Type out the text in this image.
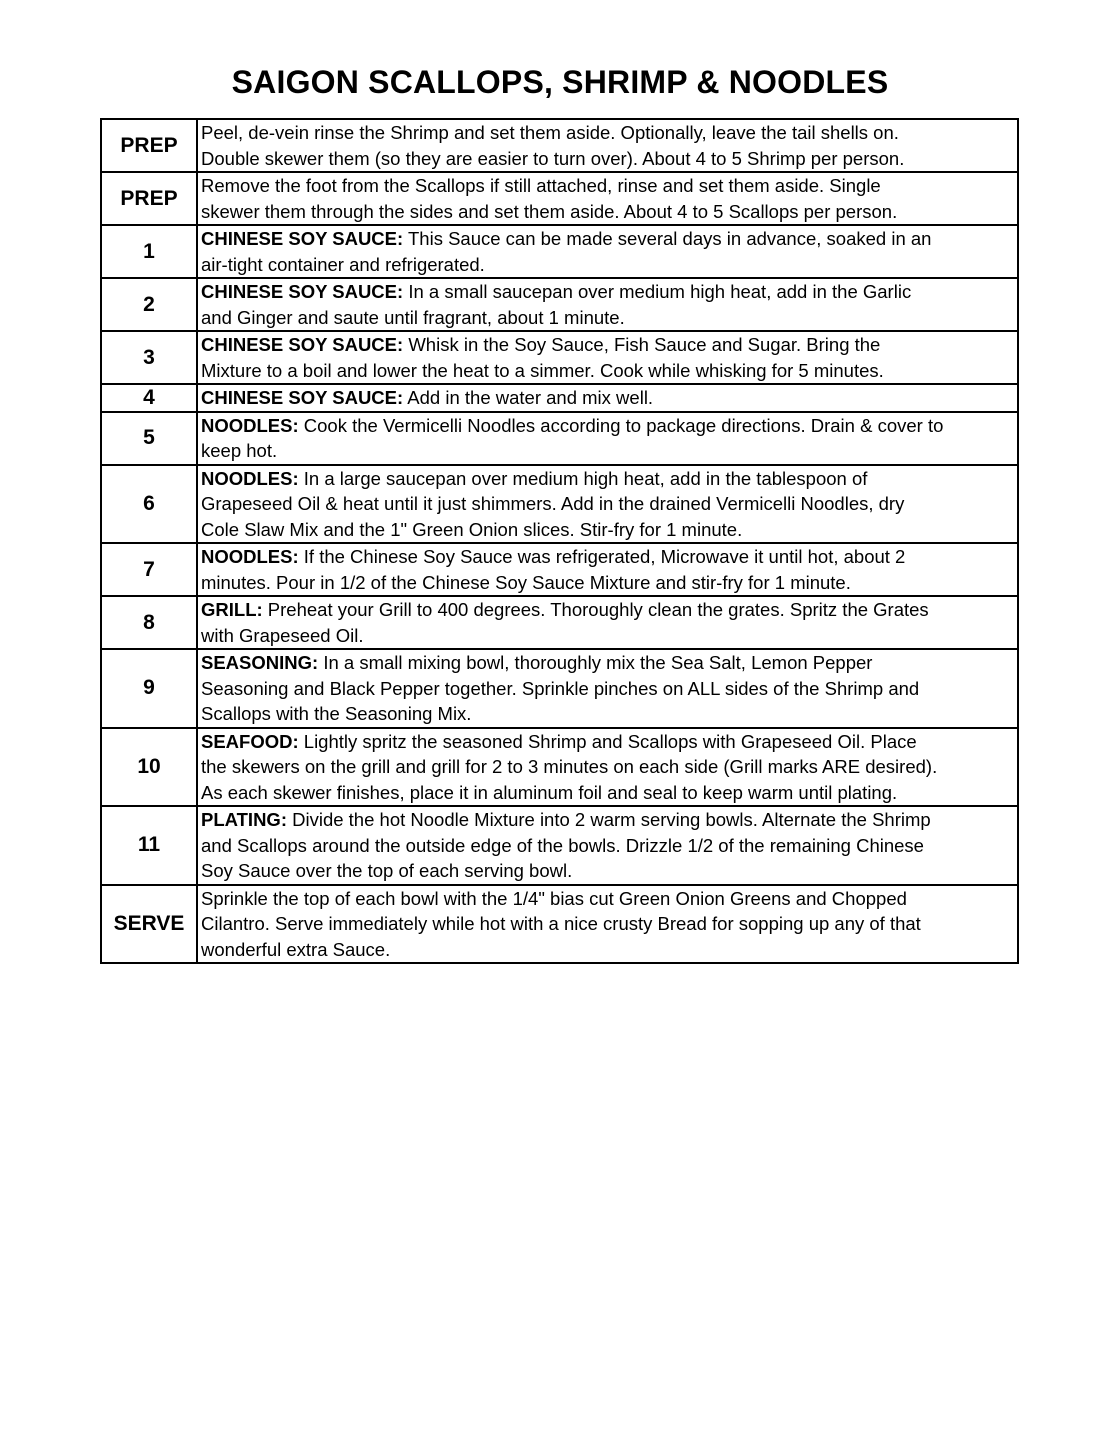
SAIGON SCALLOPS, SHRIMP & NOODLES
PREP	Peel, de-vein rinse the Shrimp and set them aside. Optionally, leave the tail shells on.
Double skewer them (so they are easier to turn over). About 4 to 5 Shrimp per person.

PREP	Remove the foot from the Scallops if still attached, rinse and set them aside. Single
skewer them through the sides and set them aside. About 4 to 5 Scallops per person.

1	CHINESE SOY SAUCE: This Sauce can be made several days in advance, soaked in an
air-tight container and refrigerated.

2	CHINESE SOY SAUCE: In a small saucepan over medium high heat, add in the Garlic
and Ginger and saute until fragrant, about 1 minute.

3	CHINESE SOY SAUCE: Whisk in the Soy Sauce, Fish Sauce and Sugar. Bring the
Mixture to a boil and lower the heat to a simmer. Cook while whisking for 5 minutes.

4	CHINESE SOY SAUCE: Add in the water and mix well.

5	NOODLES: Cook the Vermicelli Noodles according to package directions. Drain & cover to
keep hot.

6	NOODLES: In a large saucepan over medium high heat, add in the tablespoon of
Grapeseed Oil & heat until it just shimmers. Add in the drained Vermicelli Noodles, dry
Cole Slaw Mix and the 1" Green Onion slices. Stir-fry for 1 minute.

7	NOODLES: If the Chinese Soy Sauce was refrigerated, Microwave it until hot, about 2
minutes. Pour in 1/2 of the Chinese Soy Sauce Mixture and stir-fry for 1 minute.

8	GRILL: Preheat your Grill to 400 degrees. Thoroughly clean the grates. Spritz the Grates
with Grapeseed Oil.

9	SEASONING: In a small mixing bowl, thoroughly mix the Sea Salt, Lemon Pepper
Seasoning and Black Pepper together. Sprinkle pinches on ALL sides of the Shrimp and
Scallops with the Seasoning Mix.

10	SEAFOOD: Lightly spritz the seasoned Shrimp and Scallops with Grapeseed Oil. Place
the skewers on the grill and grill for 2 to 3 minutes on each side (Grill marks ARE desired).
As each skewer finishes, place it in aluminum foil and seal to keep warm until plating.

11	PLATING: Divide the hot Noodle Mixture into 2 warm serving bowls. Alternate the Shrimp
and Scallops around the outside edge of the bowls. Drizzle 1/2 of the remaining Chinese
Soy Sauce over the top of each serving bowl.

SERVE	Sprinkle the top of each bowl with the 1/4" bias cut Green Onion Greens and Chopped
Cilantro. Serve immediately while hot with a nice crusty Bread for sopping up any of that
wonderful extra Sauce.
